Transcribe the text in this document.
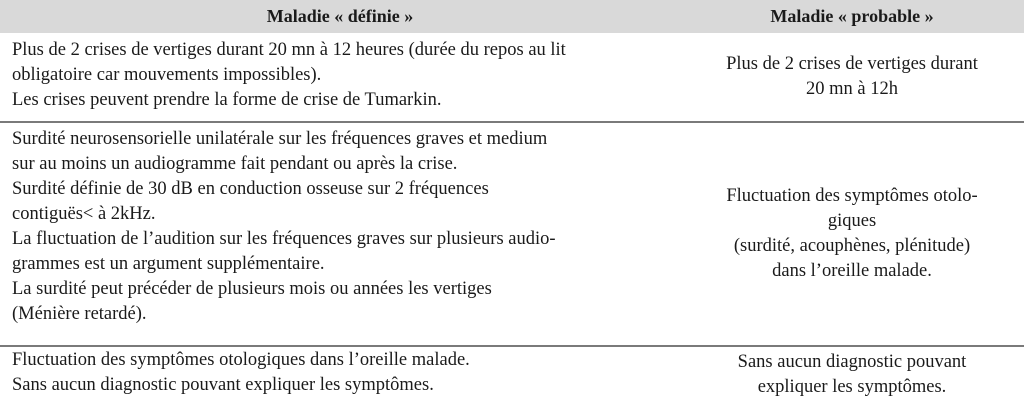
Maladie « définie »	Maladie « probable »
Plus de 2 crises de vertiges durant 20 mn à 12 heures (durée du repos au lit
obligatoire car mouvements impossibles).
Les crises peuvent prendre la forme de crise de Tumarkin.
Plus de 2 crises de vertiges durant
20 mn à 12h
Surdité neurosensorielle unilatérale sur les fréquences graves et medium
sur au moins un audiogramme fait pendant ou après la crise.
Surdité définie de 30 dB en conduction osseuse sur 2 fréquences
contiguës< à 2kHz.
La fluctuation de l’audition sur les fréquences graves sur plusieurs audio-
grammes est un argument supplémentaire.
La surdité peut précéder de plusieurs mois ou années les vertiges
(Ménière retardé).
Fluctuation des symptômes otolo-
giques
(surdité, acouphènes, plénitude)
dans l’oreille malade.
Fluctuation des symptômes otologiques dans l’oreille malade.
Sans aucun diagnostic pouvant expliquer les symptômes.
Sans aucun diagnostic pouvant
expliquer les symptômes.
